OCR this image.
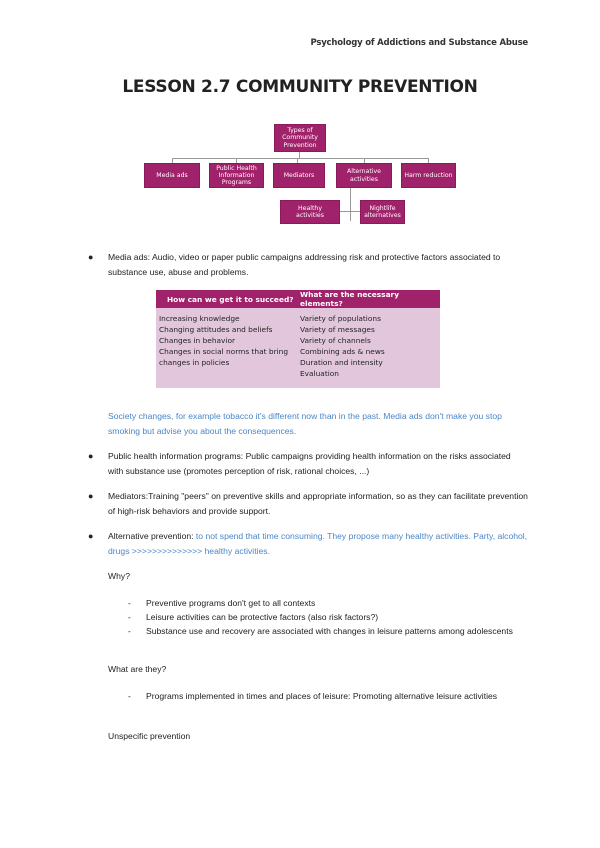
Psychology of Addictions and Substance Abuse
LESSON 2.7 COMMUNITY PREVENTION
Types of
Community
Prevention
Media ads
Public Health
Information
Programs
Mediators
Alternative
activities
Harm reduction
Healthy
activities
Nightlife
alternatives
● Media ads: Audio, video or paper public campaigns addressing risk and protective factors associated to substance use, abuse and problems.
How can we get it to succeed? What are the necessary elements?
Increasing knowledge
Changing attitudes and beliefs
Changes in behavior
Changes in social norms that bring
changes in policies
Variety of populations
Variety of messages
Variety of channels
Combining ads & news
Duration and intensity
Evaluation
Society changes, for example tobacco it's different now than in the past. Media ads don't make you stop smoking but advise you about the consequences.
● Public health information programs: Public campaigns providing health information on the risks associated with substance use (promotes perception of risk, rational choices, ...)
● Mediators:Training "peers" on preventive skills and appropriate information, so as they can facilitate prevention of high-risk behaviors and provide support.
● Alternative prevention: to not spend that time consuming. They propose many healthy activities. Party, alcohol, drugs >>>>>>>>>>>>>> healthy activities.
Why?
- Preventive programs don't get to all contexts
- Leisure activities can be protective factors (also risk factors?)
- Substance use and recovery are associated with changes in leisure patterns among adolescents
What are they?
- Programs implemented in times and places of leisure: Promoting alternative leisure activities
Unspecific prevention
